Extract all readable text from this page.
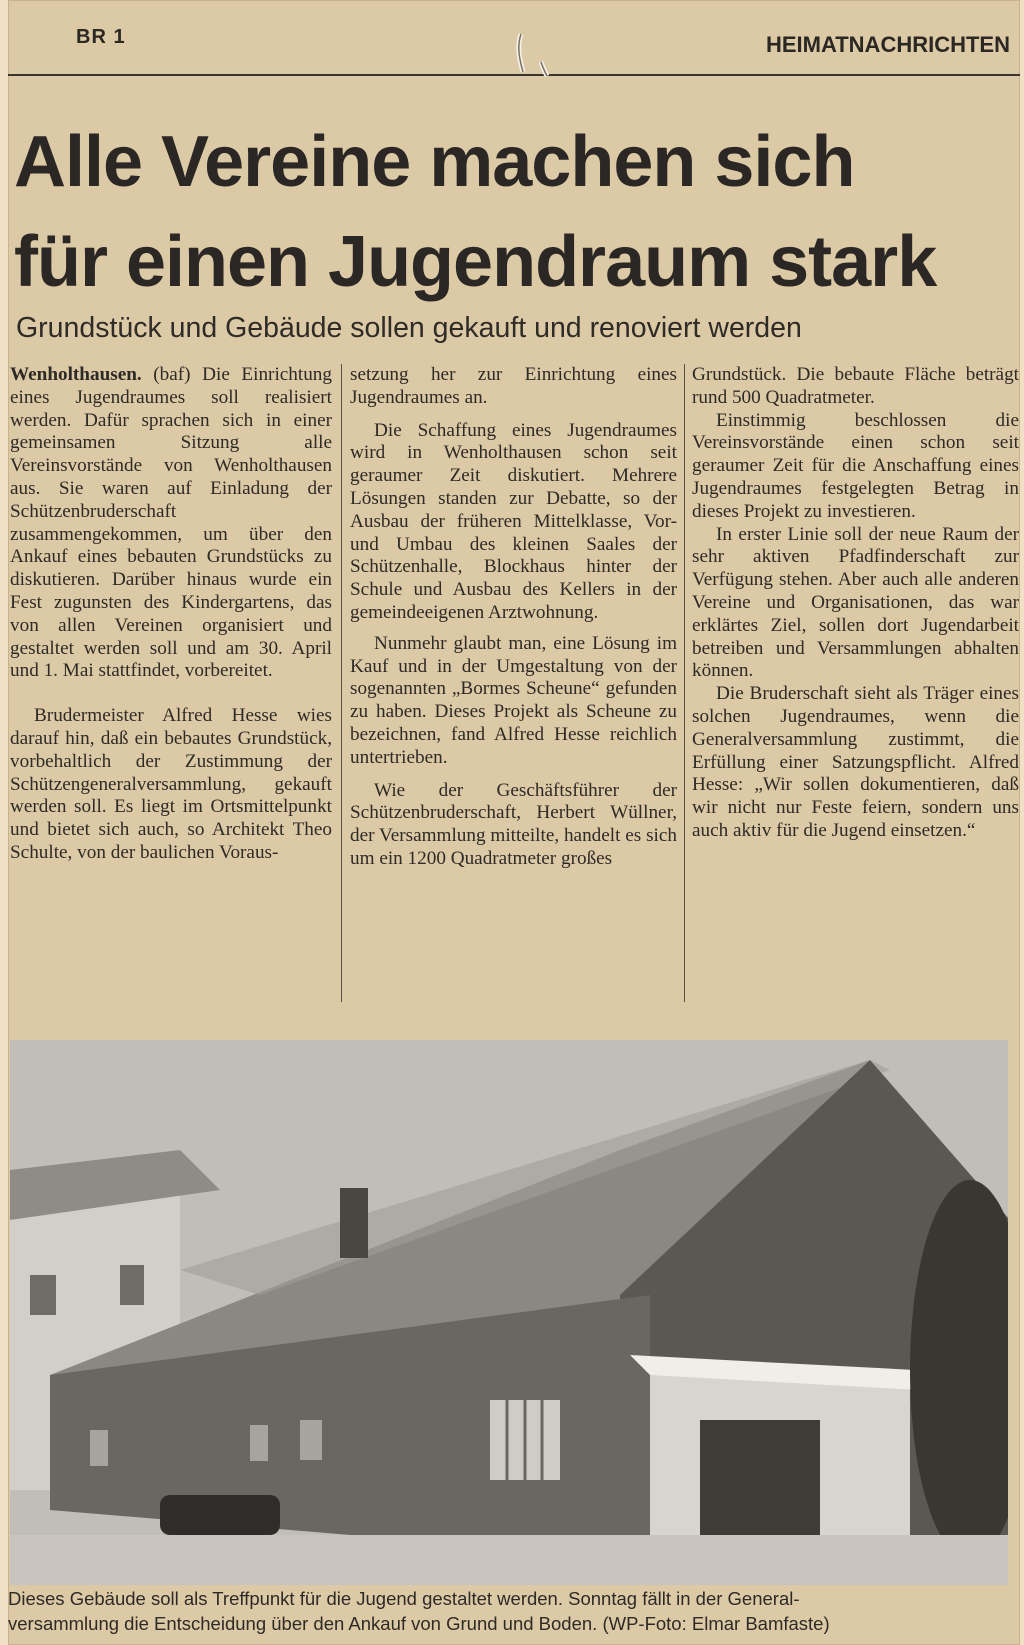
BR 1	HEIMATNACHRICHTEN
Alle Vereine machen sich
für einen Jugendraum stark
Grundstück und Gebäude sollen gekauft und renoviert werden

Wenholthausen. (baf) Die Einrichtung eines Jugendraumes soll realisiert werden. Dafür sprachen sich in einer gemeinsamen Sitzung alle Vereinsvorstände von Wenholthausen aus. Sie waren auf Einladung der Schützenbruderschaft zusammengekommen, um über den Ankauf eines bebauten Grundstücks zu diskutieren. Darüber hinaus wurde ein Fest zugunsten des Kindergartens, das von allen Vereinen organisiert und gestaltet werden soll und am 30. April und 1. Mai stattfindet, vorbereitet.

Brudermeister Alfred Hesse wies darauf hin, daß ein bebautes Grundstück, vorbehaltlich der Zustimmung der Schützengeneralversammlung, gekauft werden soll. Es liegt im Ortsmittelpunkt und bietet sich auch, so Architekt Theo Schulte, von der baulichen Voraus-

setzung her zur Einrichtung eines Jugendraumes an.

Die Schaffung eines Jugendraumes wird in Wenholthausen schon seit geraumer Zeit diskutiert. Mehrere Lösungen standen zur Debatte, so der Ausbau der früheren Mittelklasse, Vor- und Umbau des kleinen Saales der Schützenhalle, Blockhaus hinter der Schule und Ausbau des Kellers in der gemeindeeigenen Arztwohnung.

Nunmehr glaubt man, eine Lösung im Kauf und in der Umgestaltung von der sogenannten „Bormes Scheune“ gefunden zu haben. Dieses Projekt als Scheune zu bezeichnen, fand Alfred Hesse reichlich untertrieben.

Wie der Geschäftsführer der Schützenbruderschaft, Herbert Wüllner, der Versammlung mitteilte, handelt es sich um ein 1200 Quadratmeter großes

Grundstück. Die bebaute Fläche beträgt rund 500 Quadratmeter.

Einstimmig beschlossen die Vereinsvorstände einen schon seit geraumer Zeit für die Anschaffung eines Jugendraumes festgelegten Betrag in dieses Projekt zu investieren.

In erster Linie soll der neue Raum der sehr aktiven Pfadfinderschaft zur Verfügung stehen. Aber auch alle anderen Vereine und Organisationen, das war erklärtes Ziel, sollen dort Jugendarbeit betreiben und Versammlungen abhalten können.

Die Bruderschaft sieht als Träger eines solchen Jugendraumes, wenn die Generalversammlung zustimmt, die Erfüllung einer Satzungspflicht. Alfred Hesse: „Wir sollen dokumentieren, daß wir nicht nur Feste feiern, sondern uns auch aktiv für die Jugend einsetzen.“

Dieses Gebäude soll als Treffpunkt für die Jugend gestaltet werden. Sonntag fällt in der General-
versammlung die Entscheidung über den Ankauf von Grund und Boden. (WP-Foto: Elmar Bamfaste)
